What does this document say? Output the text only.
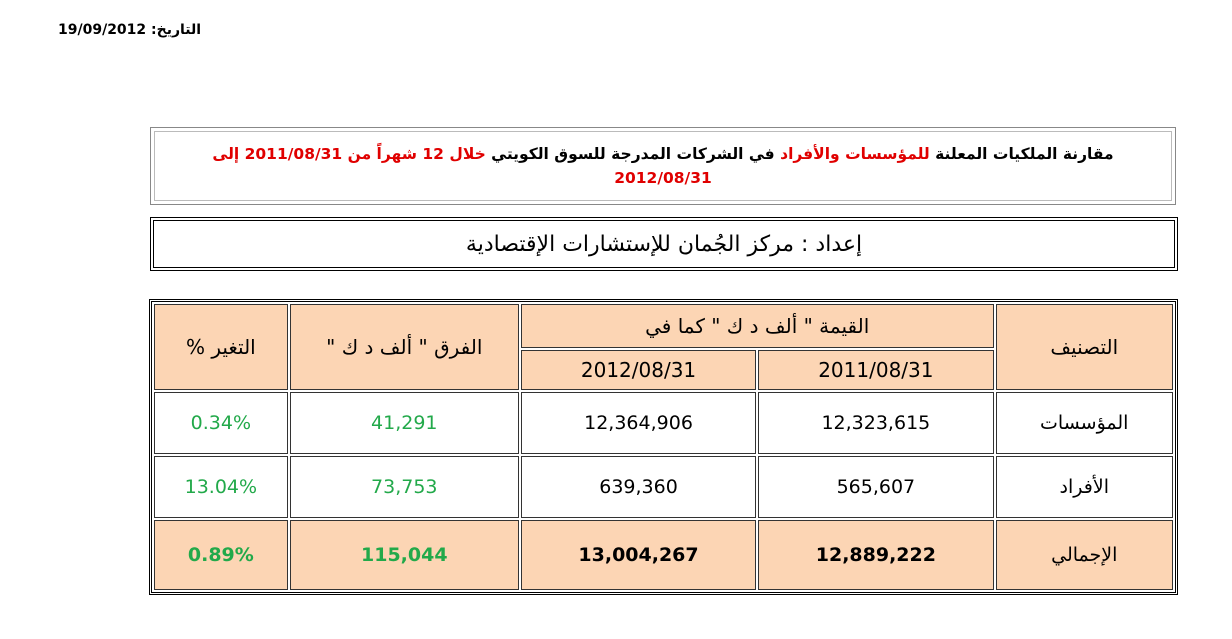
التاريخ: 19/09/2012
مقارنة الملكيات المعلنة للمؤسسات والأفراد في الشركات المدرجة للسوق الكويتي خلال 12 شهراً من 2011/08/31 إلى
2012/08/31
إعداد : مركز الجُمان للإستشارات الإقتصادية
التصنيف	القيمة " ألف د ك " كما في		الفرق " ألف د ك "	التغير %
	2011/08/31	2012/08/31		
المؤسسات	12,323,615	12,364,906	41,291	0.34%
الأفراد	565,607	639,360	73,753	13.04%
الإجمالي	12,889,222	13,004,267	115,044	0.89%
